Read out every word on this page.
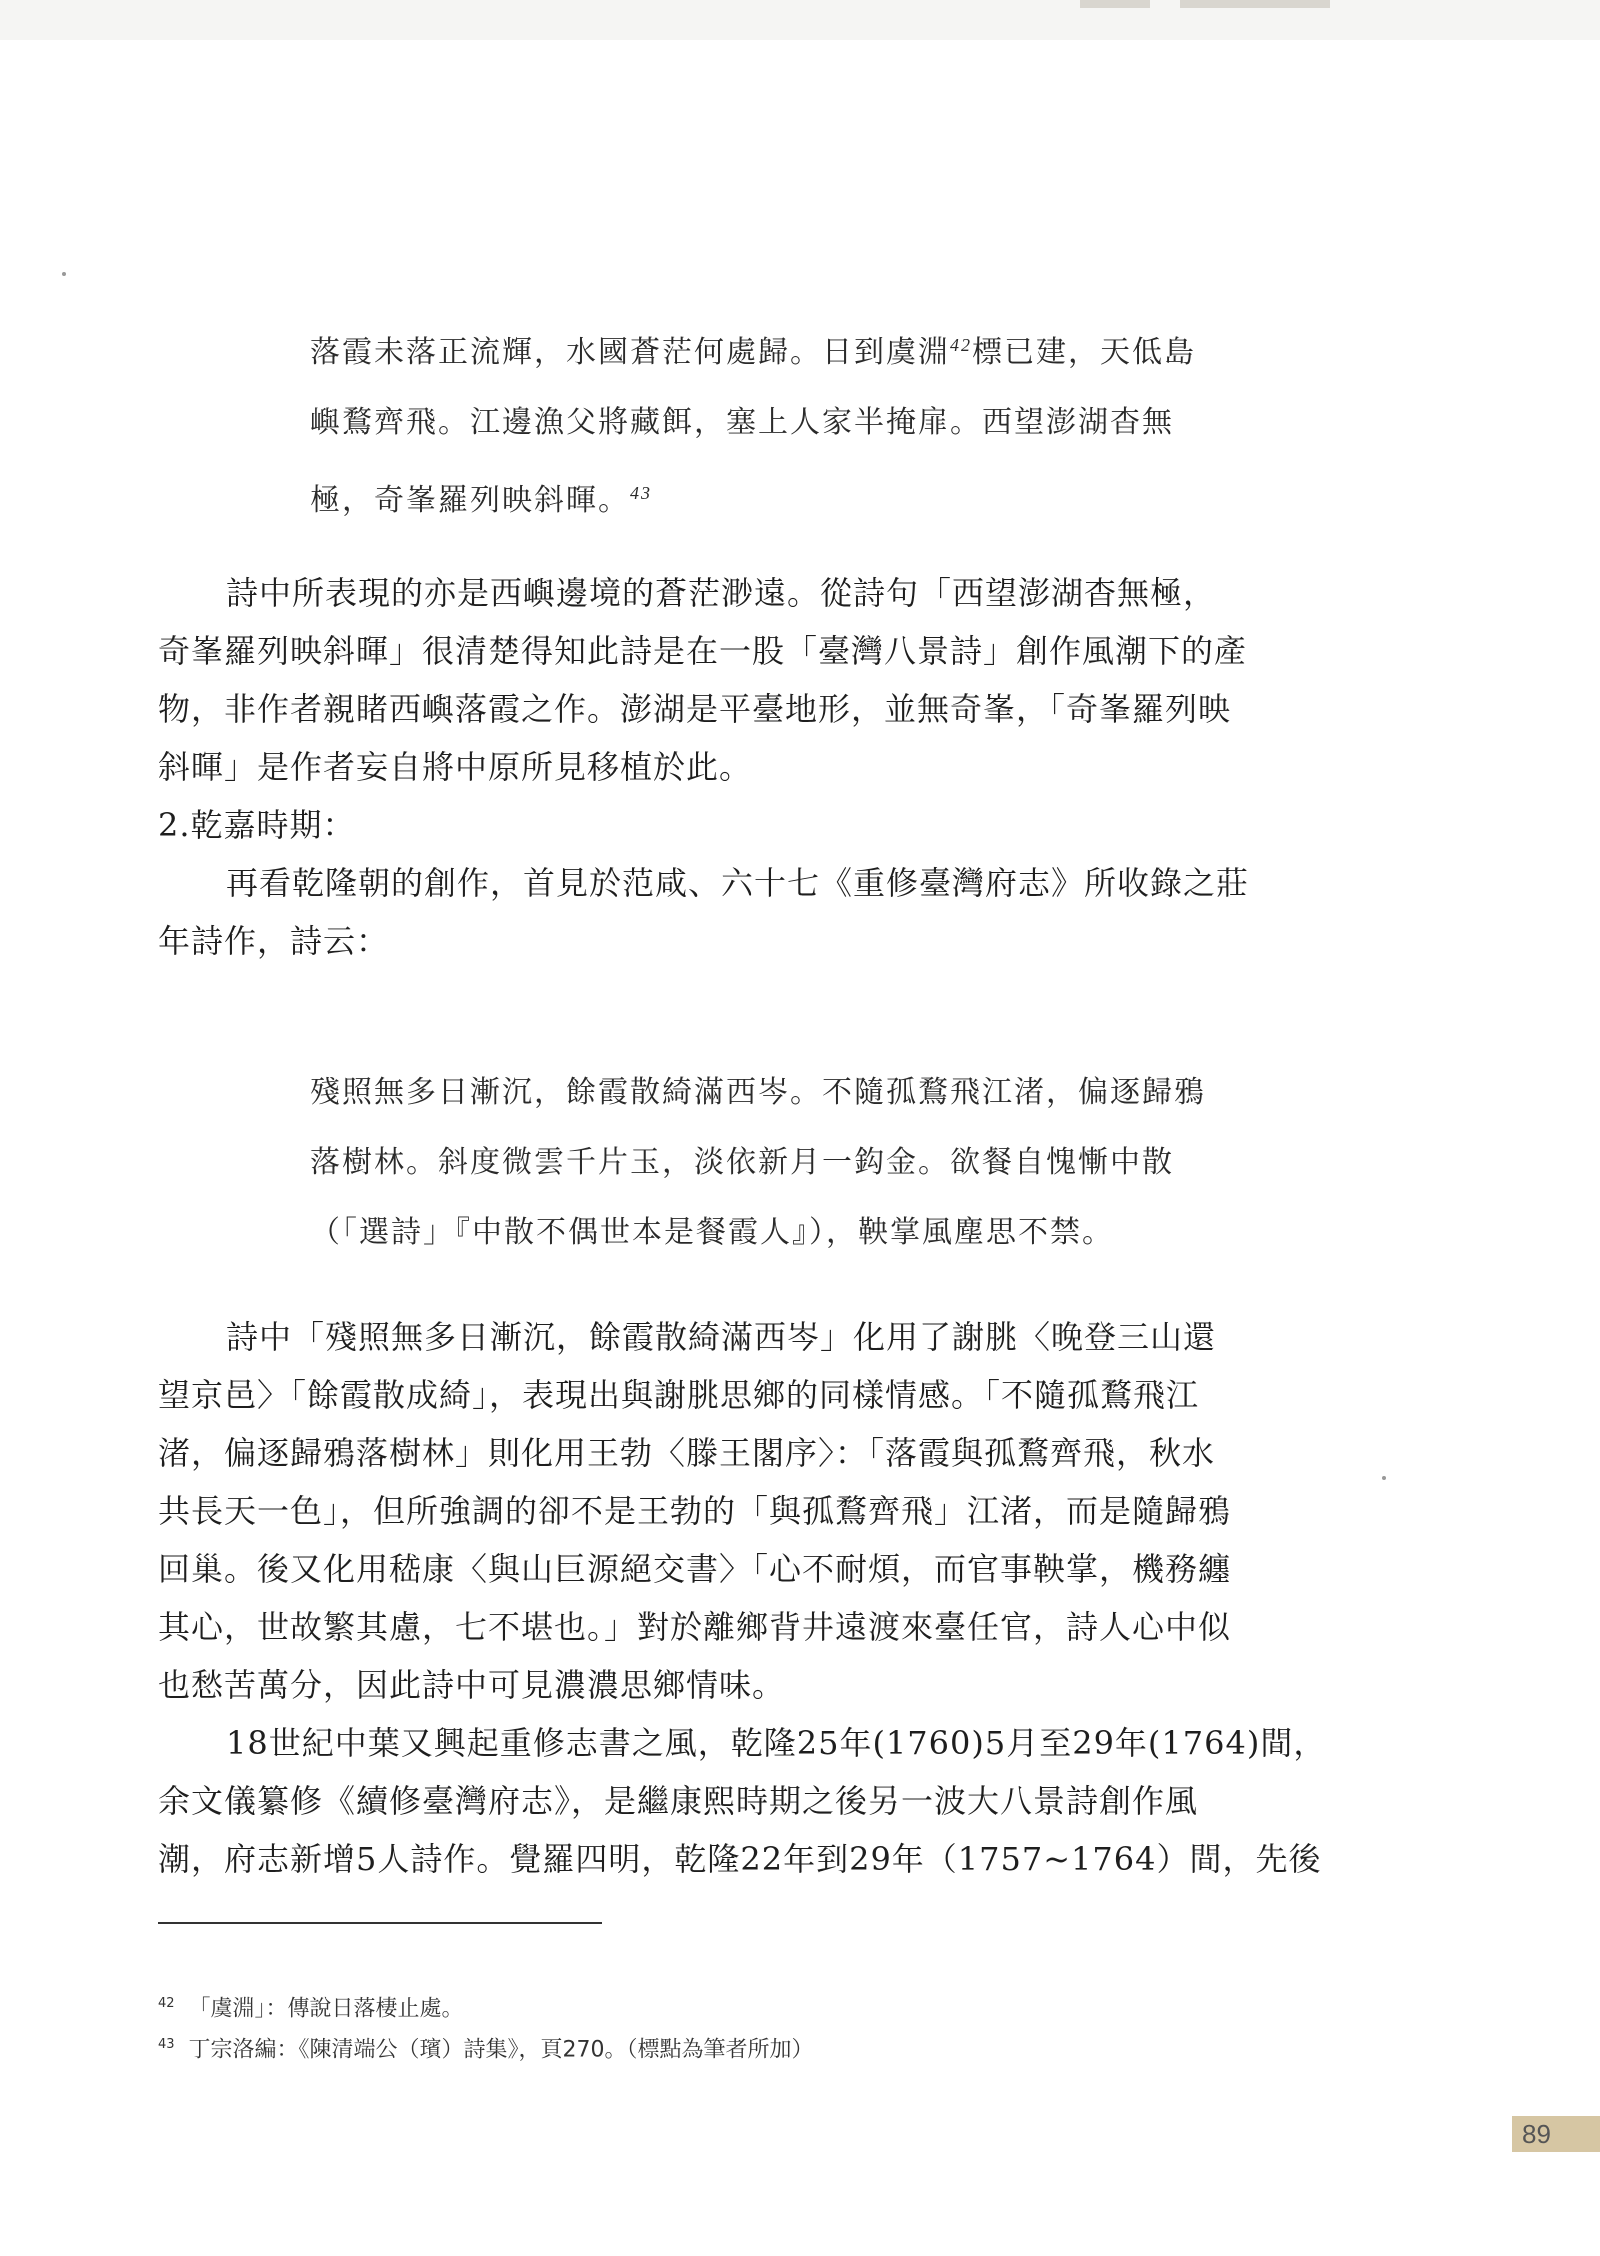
落霞未落正流輝，水國蒼茫何處歸。日到虞淵$^{42}$標已建，天低島

嶼鶩齊飛。江邊漁父將藏餌，塞上人家半掩扉。西望澎湖杳無

極，奇峯羅列映斜暉。$^{43}$

詩中所表現的亦是西嶼邊境的蒼茫渺遠。從詩句「西望澎湖杳無極，

奇峯羅列映斜暉」很清楚得知此詩是在一股「臺灣八景詩」創作風潮下的產

物，非作者親睹西嶼落霞之作。澎湖是平臺地形，並無奇峯，「奇峯羅列映

斜暉」是作者妄自將中原所見移植於此。

2.乾嘉時期：

再看乾隆朝的創作，首見於范咸、六十七《重修臺灣府志》所收錄之莊

年詩作，詩云：

殘照無多日漸沉，餘霞散綺滿西岑。不隨孤鶩飛江渚，偏逐歸鴉

落樹林。斜度微雲千片玉，淡依新月一鈎金。欲餐自愧慚中散

（「選詩」『中散不偶世本是餐霞人』），鞅掌風塵思不禁。

詩中「殘照無多日漸沉，餘霞散綺滿西岑」化用了謝朓〈晚登三山還

望京邑〉「餘霞散成綺」，表現出與謝朓思鄉的同樣情感。「不隨孤鶩飛江

渚，偏逐歸鴉落樹林」則化用王勃〈滕王閣序〉：「落霞與孤鶩齊飛，秋水

共長天一色」，但所強調的卻不是王勃的「與孤鶩齊飛」江渚，而是隨歸鴉

回巢。後又化用嵇康〈與山巨源絕交書〉「心不耐煩，而官事鞅掌，機務纏

其心，世故繁其慮，七不堪也。」對於離鄉背井遠渡來臺任官，詩人心中似

也愁苦萬分，因此詩中可見濃濃思鄉情味。

18世紀中葉又興起重修志書之風，乾隆25年(1760)5月至29年(1764)間，

余文儀纂修《續修臺灣府志》，是繼康熙時期之後另一波大八景詩創作風

潮，府志新增5人詩作。覺羅四明，乾隆22年到29年（1757~1764）間，先後

$^{42}$ 「虞淵」：傳說日落棲止處。

$^{43}$ 丁宗洛編：《陳清端公（璸）詩集》，頁270。（標點為筆者所加）

89
